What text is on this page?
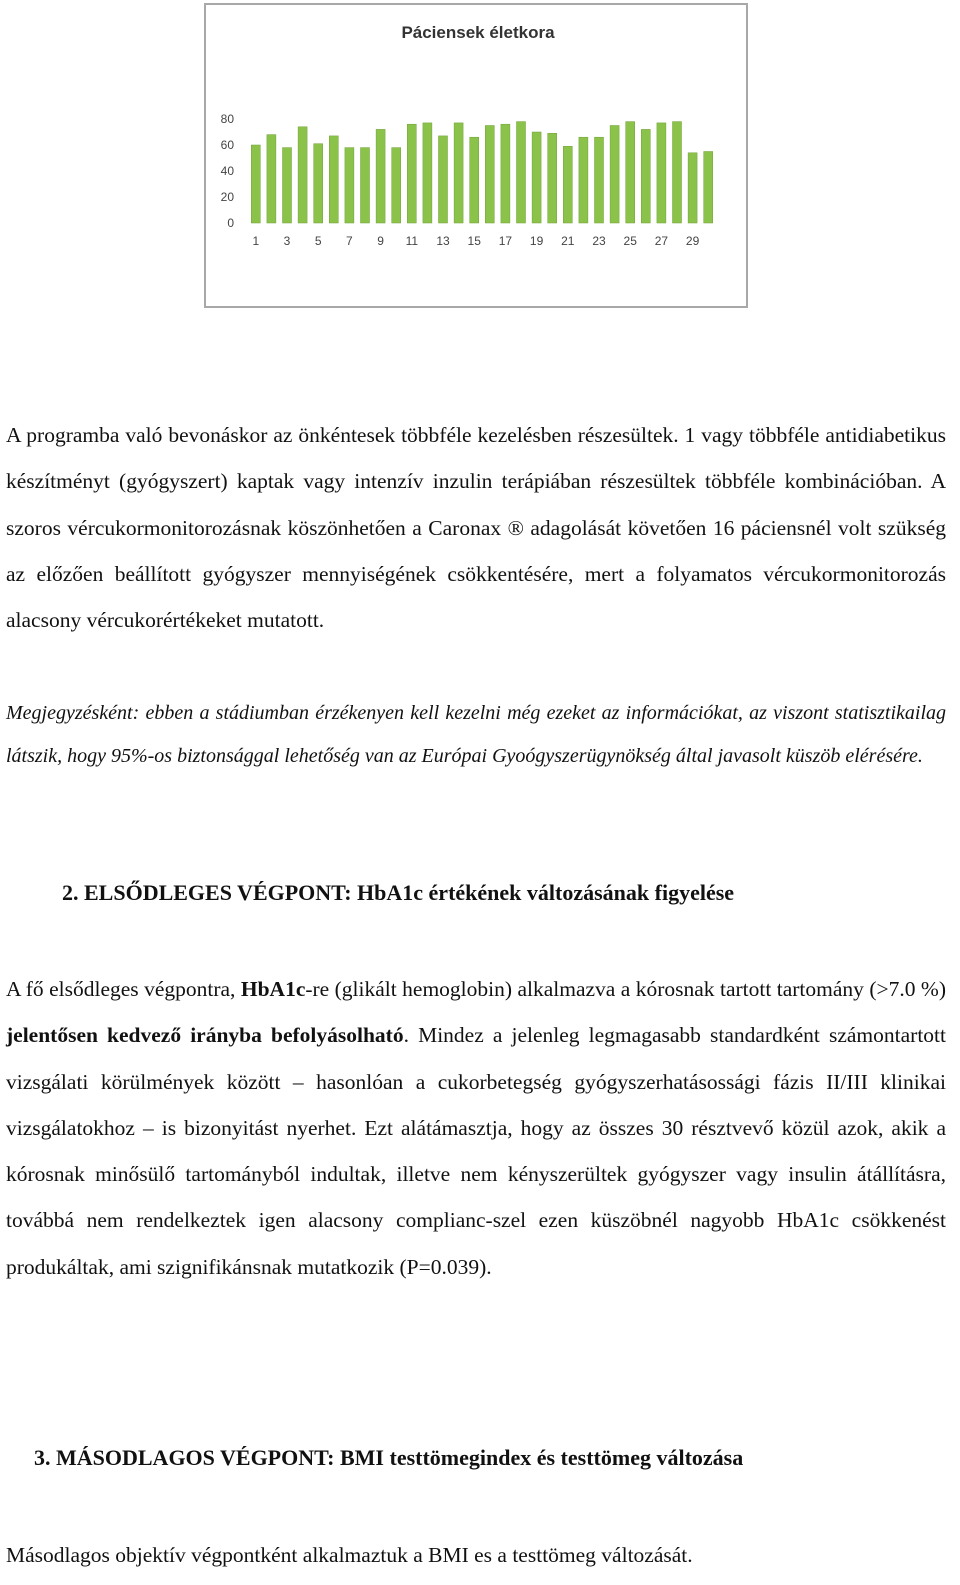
Páciensek életkora
0
20
40
60
80
1 3 5 7 9 11 13 15 17 19 21 23 25 27 29

A programba való bevonáskor az önkéntesek többféle kezelésben részesültek. 1 vagy többféle antidiabetikus készítményt (gyógyszert) kaptak vagy intenzív inzulin terápiában részesültek többféle kombinációban. A szoros vércukormonitorozásnak köszönhetően a Caronax ® adagolását követően 16 páciensnél volt szükség az előzően beállított gyógyszer mennyiségének csökkentésére, mert a folyamatos vércukormonitorozás alacsony vércukorértékeket mutatott.

Megjegyzésként: ebben a stádiumban érzékenyen kell kezelni még ezeket az információkat, az viszont statisztikailag látszik, hogy 95%-os biztonsággal lehetőség van az Európai Gyoógyszerügynökség által javasolt küszöb elérésére.

2. ELSŐDLEGES VÉGPONT: HbA1c értékének változásának figyelése

A fő elsődleges végpontra, HbA1c-re (glikált hemoglobin) alkalmazva a kórosnak tartott tartomány (>7.0 %) jelentősen kedvező irányba befolyásolható. Mindez a jelenleg legmagasabb standardként számontartott vizsgálati körülmények között – hasonlóan a cukorbetegség gyógyszerhatásossági fázis II/III klinikai vizsgálatokhoz – is bizonyitást nyerhet. Ezt alátámasztja, hogy az összes 30 résztvevő közül azok, akik a kórosnak minősülő tartományból indultak, illetve nem kényszerültek gyógyszer vagy insulin átállításra, továbbá nem rendelkeztek igen alacsony complianc-szel ezen küszöbnél nagyobb HbA1c csökkenést produkáltak, ami szignifikánsnak mutatkozik (P=0.039).

3. MÁSODLAGOS VÉGPONT: BMI testtömegindex és testtömeg változása

Másodlagos objektív végpontként alkalmaztuk a BMI es a testtömeg változását.
